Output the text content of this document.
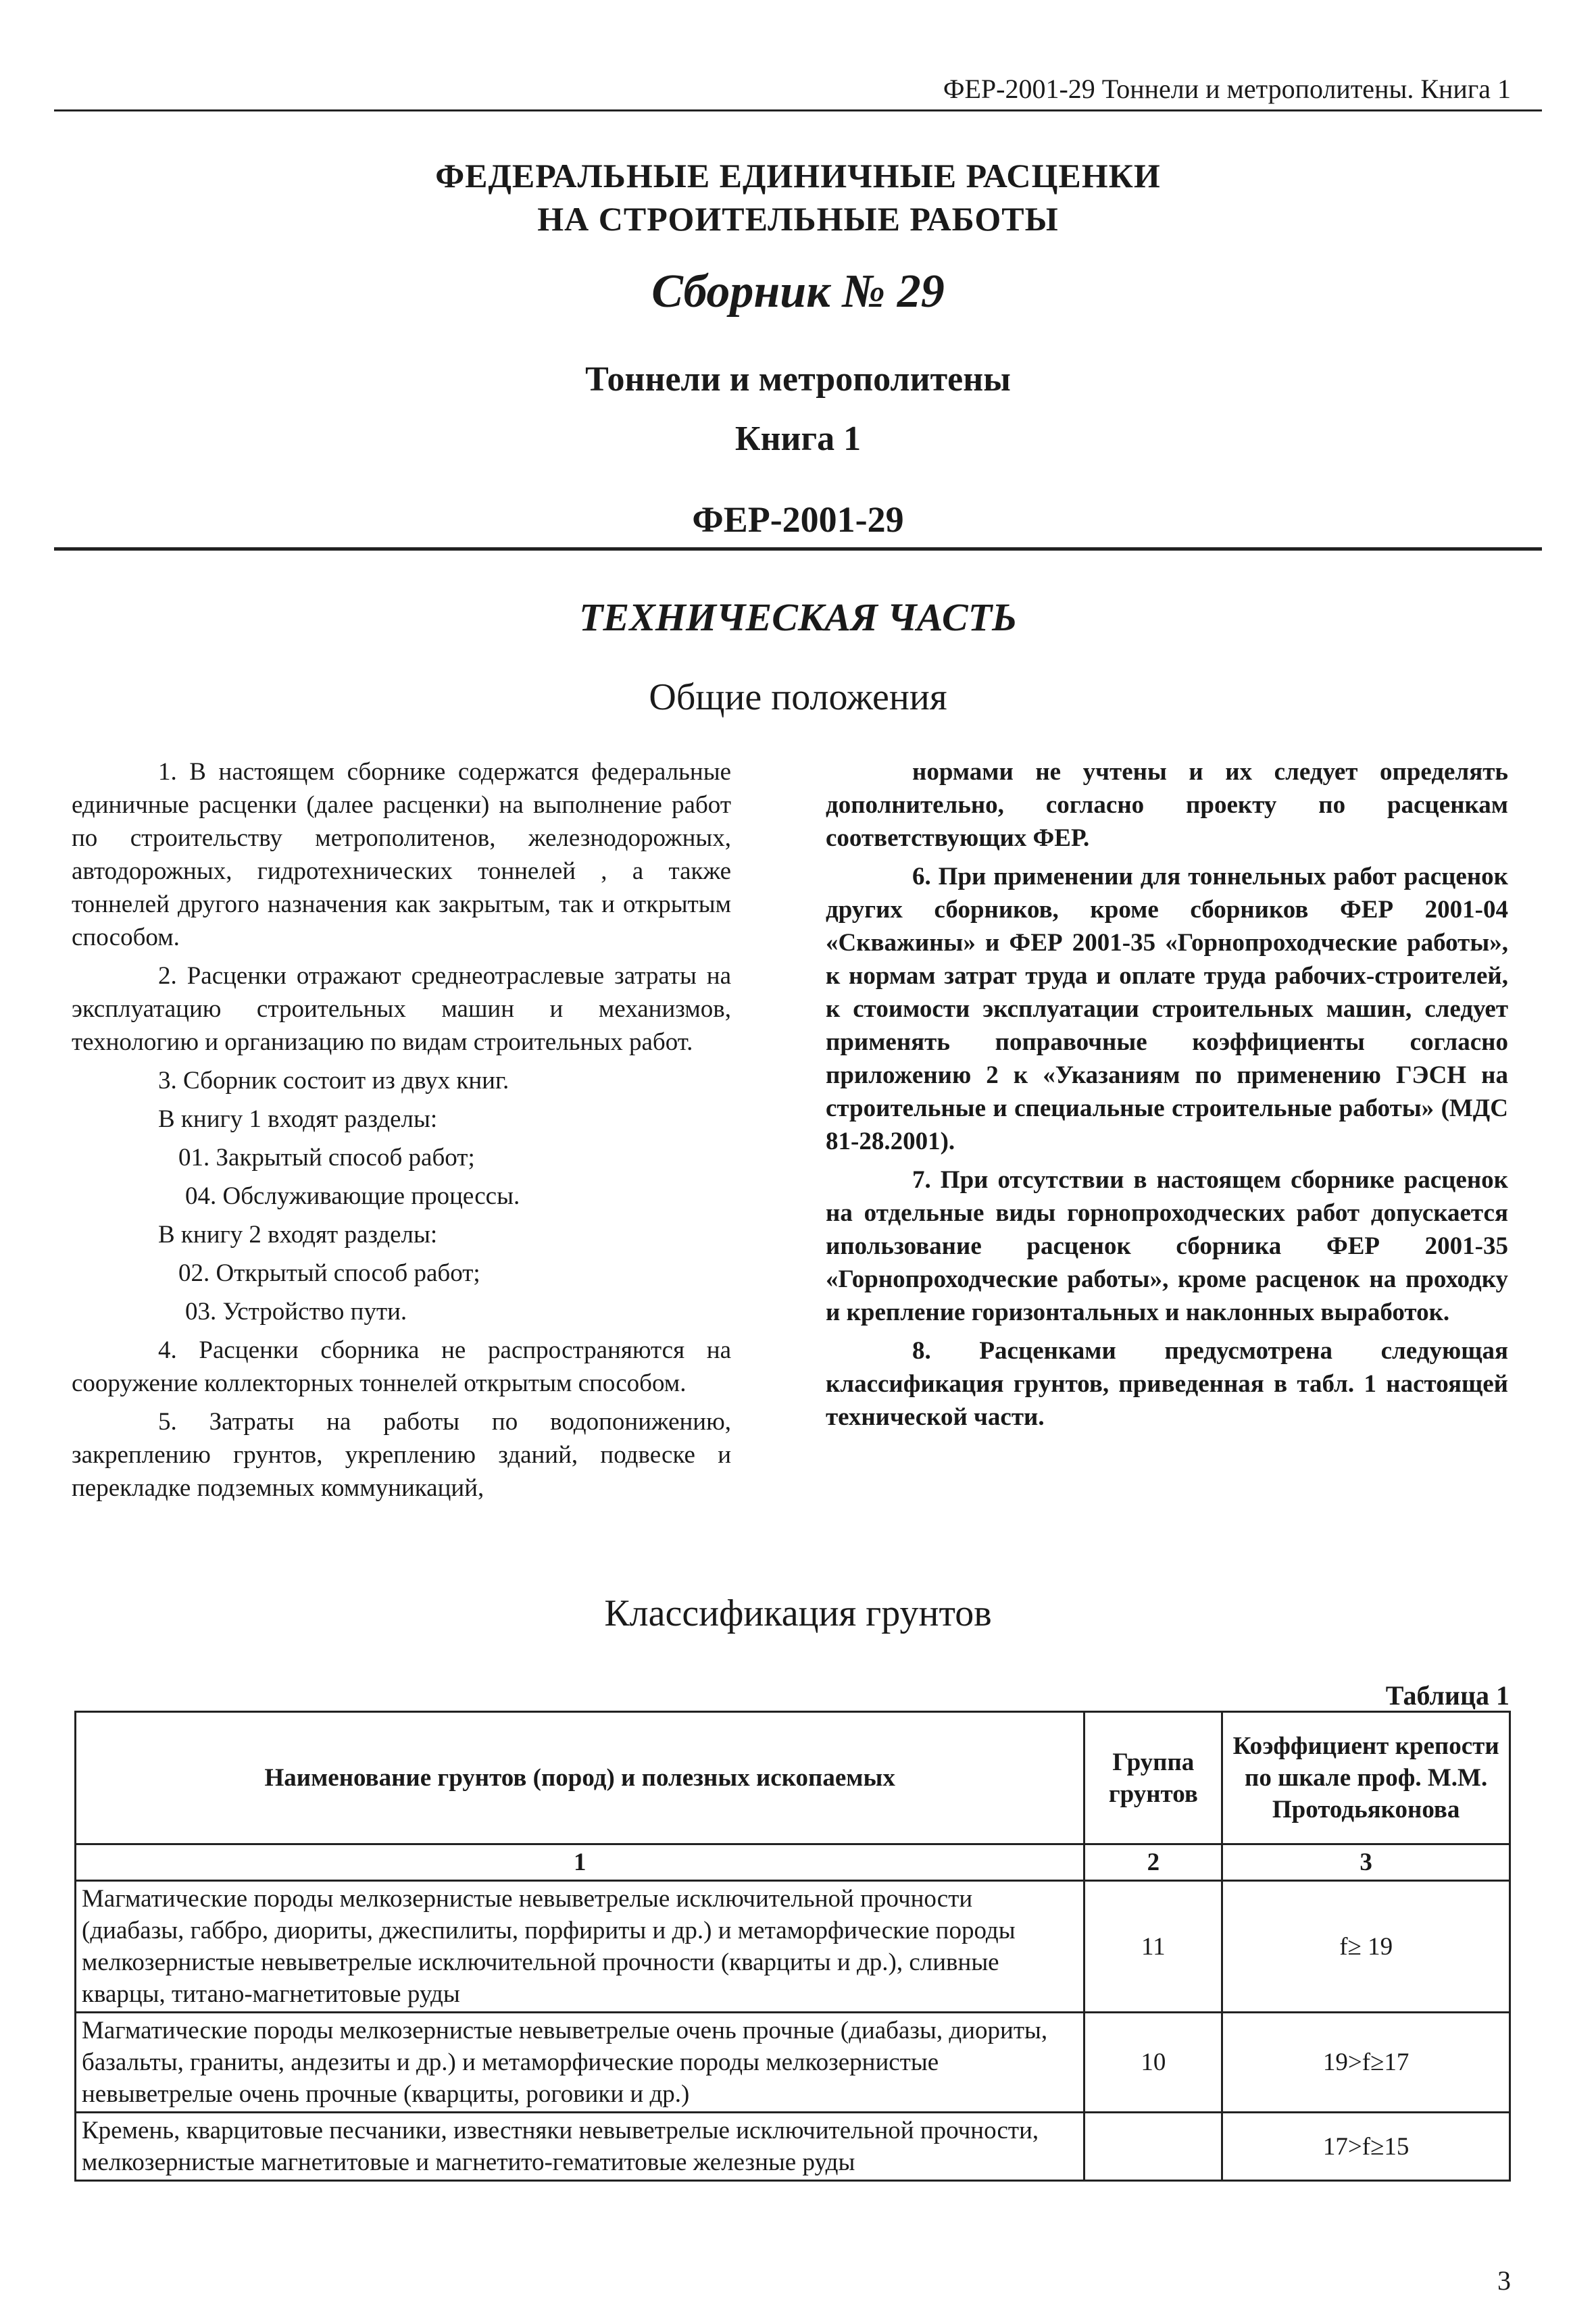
ФЕР-2001-29 Тоннели и метрополитены. Книга 1
ФЕДЕРАЛЬНЫЕ ЕДИНИЧНЫЕ РАСЦЕНКИ
НА СТРОИТЕЛЬНЫЕ РАБОТЫ
Сборник № 29
Тоннели и метрополитены
Книга 1
ФЕР-2001-29
ТЕХНИЧЕСКАЯ ЧАСТЬ
Общие положения

1. В настоящем сборнике содержатся федеральные единичные расценки (далее расценки) на выполнение работ по строительству метрополитенов, железнодорожных, автодорожных, гидротехнических тоннелей , а также тоннелей другого назначения как закрытым, так и открытым способом.

2. Расценки отражают среднеотраслевые затраты на эксплуатацию строительных машин и механизмов, технологию и организацию по видам строительных работ.

3. Сборник состоит из двух книг.

В книгу 1 входят разделы:

01. Закрытый способ работ;

04. Обслуживающие процессы.

В книгу 2 входят разделы:

02. Открытый способ работ;

03. Устройство пути.

4. Расценки сборника не распространяются на сооружение коллекторных тоннелей открытым способом.

5. Затраты на работы по водопонижению, закреплению грунтов, укреплению зданий, подвеске и перекладке подземных коммуникаций,

нормами не учтены и их следует определять дополнительно, согласно проекту по расценкам соответствующих ФЕР.

6. При применении для тоннельных работ расценок других сборников, кроме сборников ФЕР 2001-04 «Скважины» и ФЕР 2001-35 «Горнопроходческие работы», к нормам затрат труда и оплате труда рабочих-строителей, к стоимости эксплуатации строительных машин, следует применять поправочные коэффициенты согласно приложению 2 к «Указаниям по применению ГЭСН на строительные и специальные строительные работы» (МДС 81-28.2001).

7. При отсутствии в настоящем сборнике расценок на отдельные виды горнопроходческих работ допускается ипользование расценок сборника ФЕР 2001-35 «Горнопроходческие работы», кроме расценок на проходку и крепление горизонтальных и наклонных выработок.

8. Расценками предусмотрена следующая классификация грунтов, приведенная в табл. 1 настоящей технической части.

Классификация грунтов
Таблица 1
Наименование грунтов (пород) и полезных ископаемых	Группа грунтов	Коэффициент крепости по шкале проф. М.М. Протодьяконова
1	2	3
Магматические породы мелкозернистые невыветрелые исключительной прочности (диабазы, габбро, диориты, джеспилиты, порфириты и др.) и метаморфические породы мелкозернистые невыветрелые исключительной прочности (кварциты и др.), сливные кварцы, титано-магнетитовые руды	11	f≥ 19
Магматические породы мелкозернистые невыветрелые очень прочные (диабазы, диориты, базальты, граниты, андезиты и др.) и метаморфические породы мелкозернистые невыветрелые очень прочные (кварциты, роговики и др.)	10	19>f≥17
Кремень, кварцитовые песчаники, известняки невыветрелые исключительной прочности, мелкозернистые магнетитовые и магнетито-гематитовые железные руды		17>f≥15
3
